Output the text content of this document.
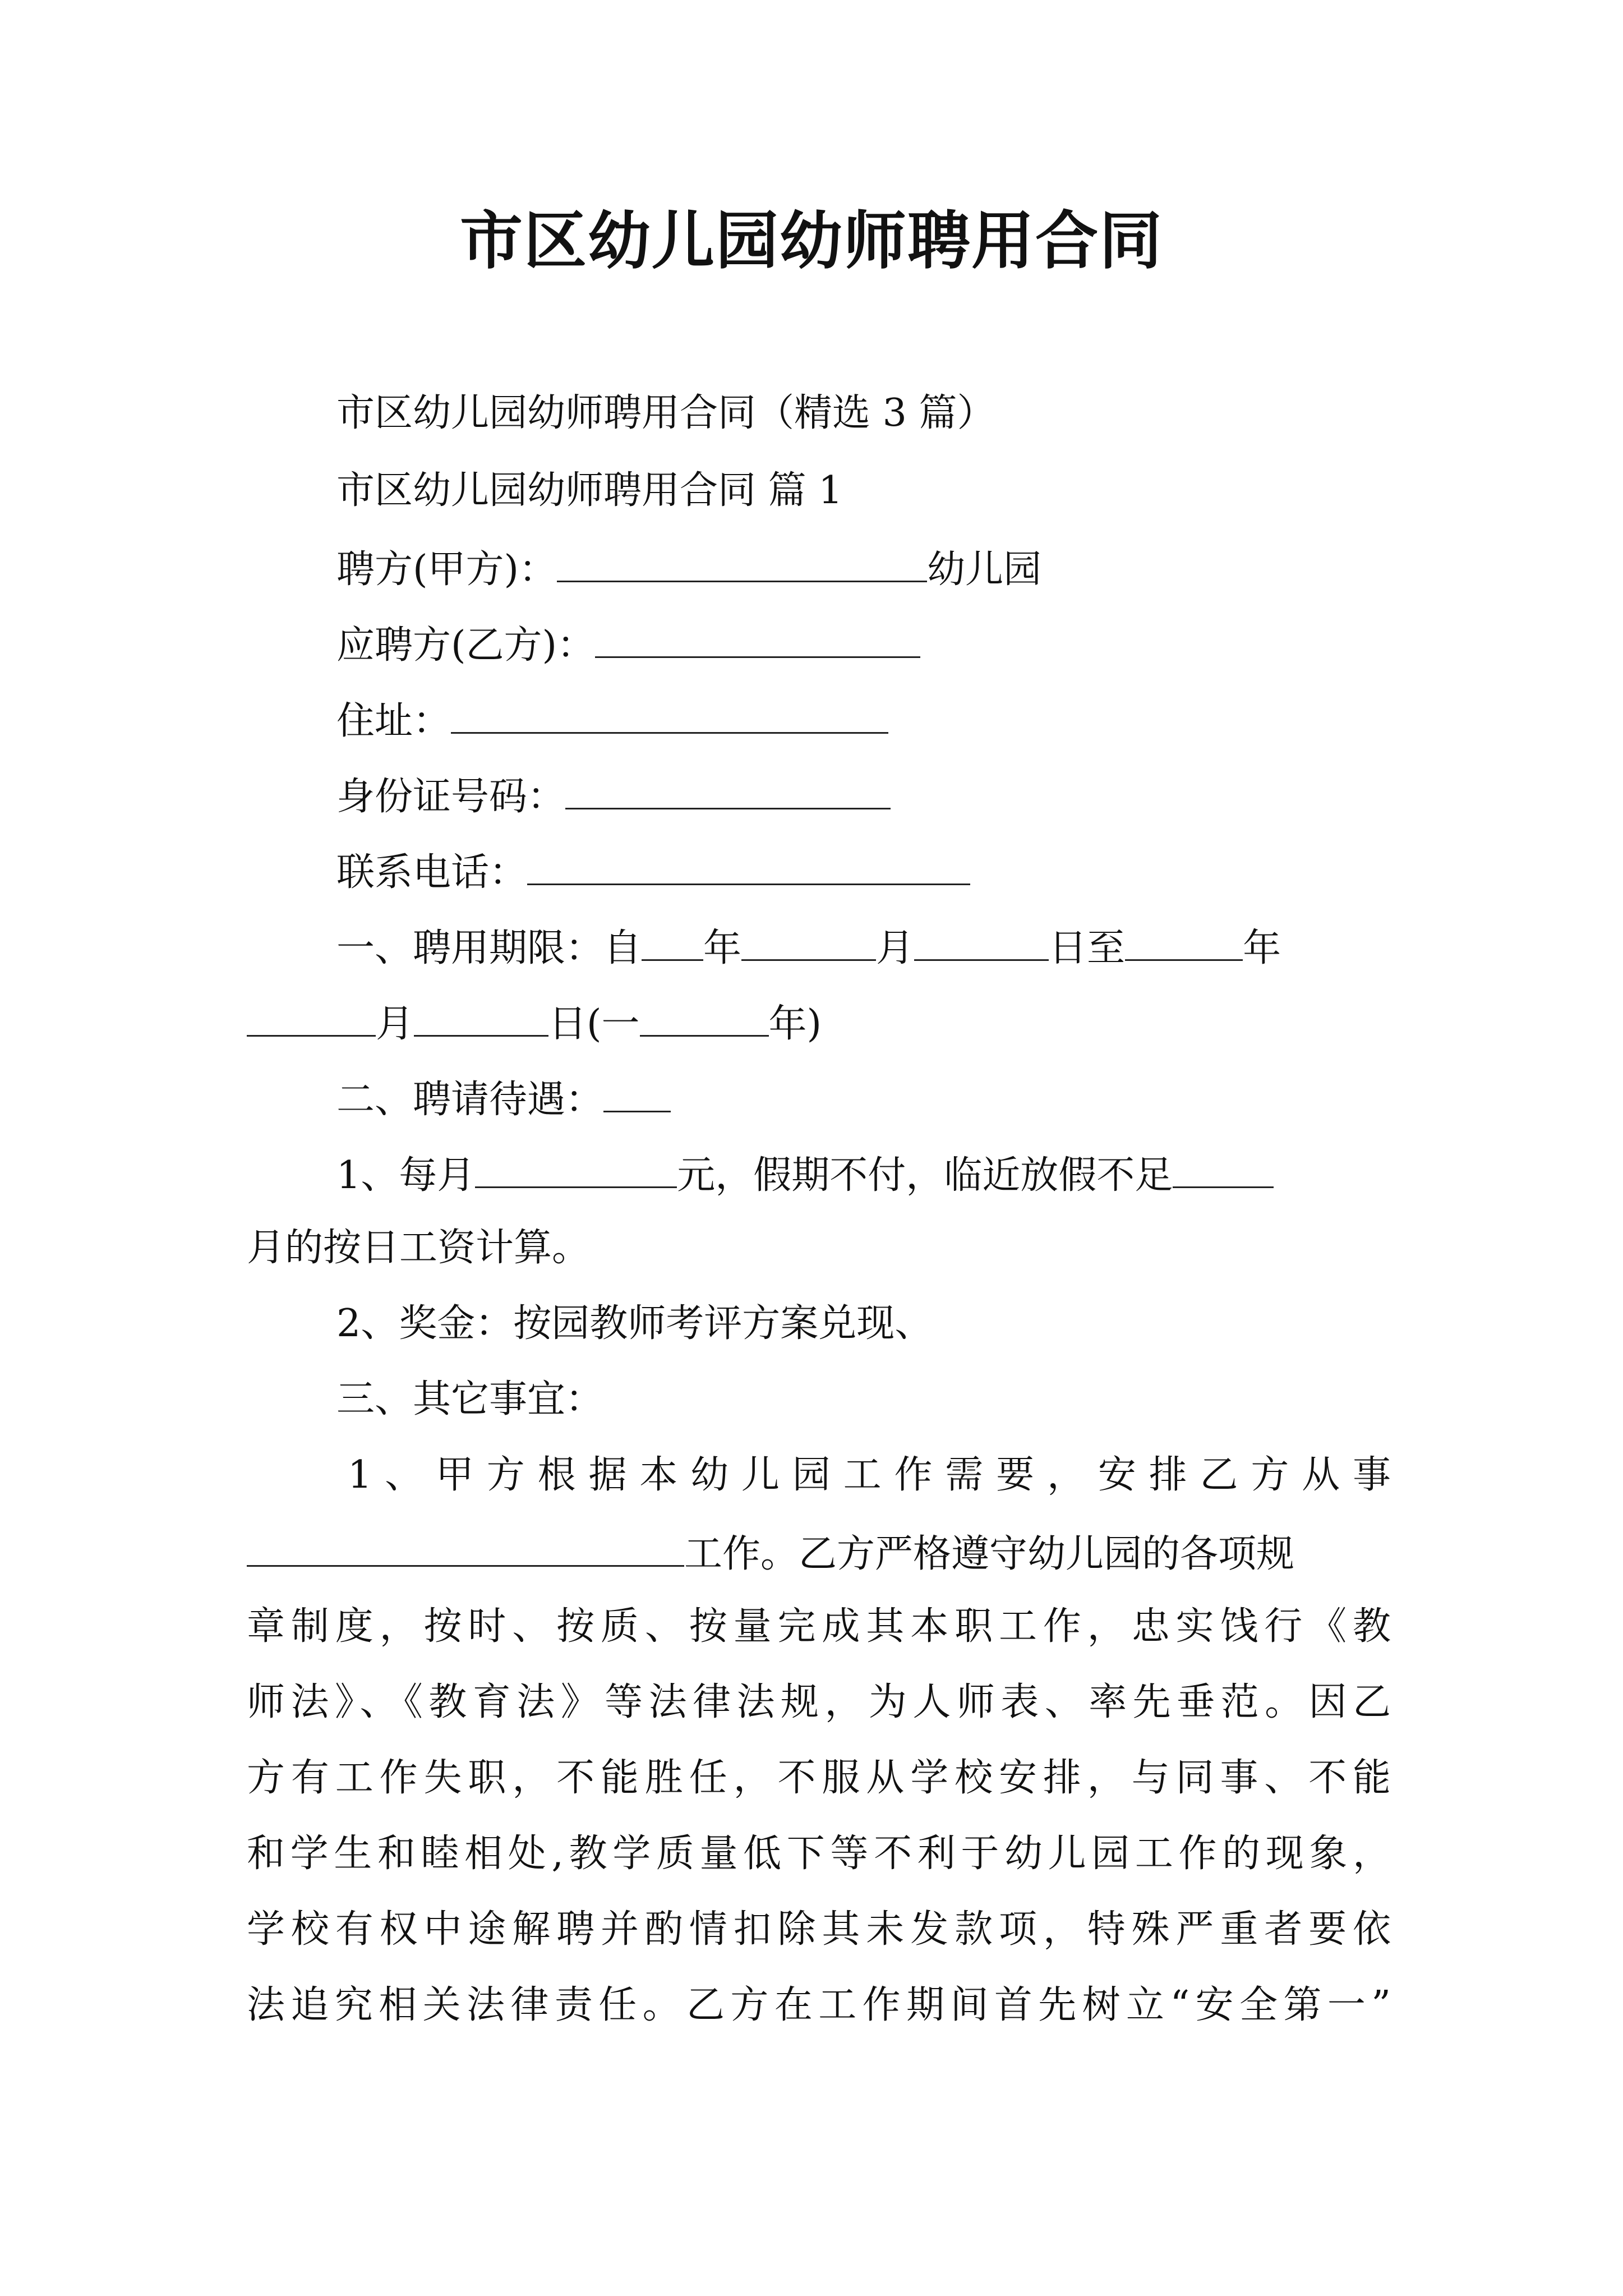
市区幼儿园幼师聘用合同
市区幼儿园幼师聘用合同（精选 3 篇）
市区幼儿园幼师聘用合同 篇 1
聘方(甲方)：	幼儿园
应聘方(乙方)：
住址：
身份证号码：
联系电话：
一、聘用期限：自 年	月	日至	年
月	日(一	年)
二、聘请待遇：
1、每月	元，假期不付，临近放假不足
月的按日工资计算。
2、奖金：按园教师考评方案兑现、
三、其它事宜：
1、甲方根据本幼儿园工作需要，安排乙方从事
工作。乙方严格遵守幼儿园的各项规
章制度，按时、按质、按量完成其本职工作，忠实饯行《教
师法》、《教育法》等法律法规，为人师表、率先垂范。因乙
方有工作失职，不能胜任，不服从学校安排，与同事、不能
和学生和睦相处,教学质量低下等不利于幼儿园工作的现象，
学校有权中途解聘并酌情扣除其未发款项，特殊严重者要依
法追究相关法律责任。乙方在工作期间首先树立“安全第一”
